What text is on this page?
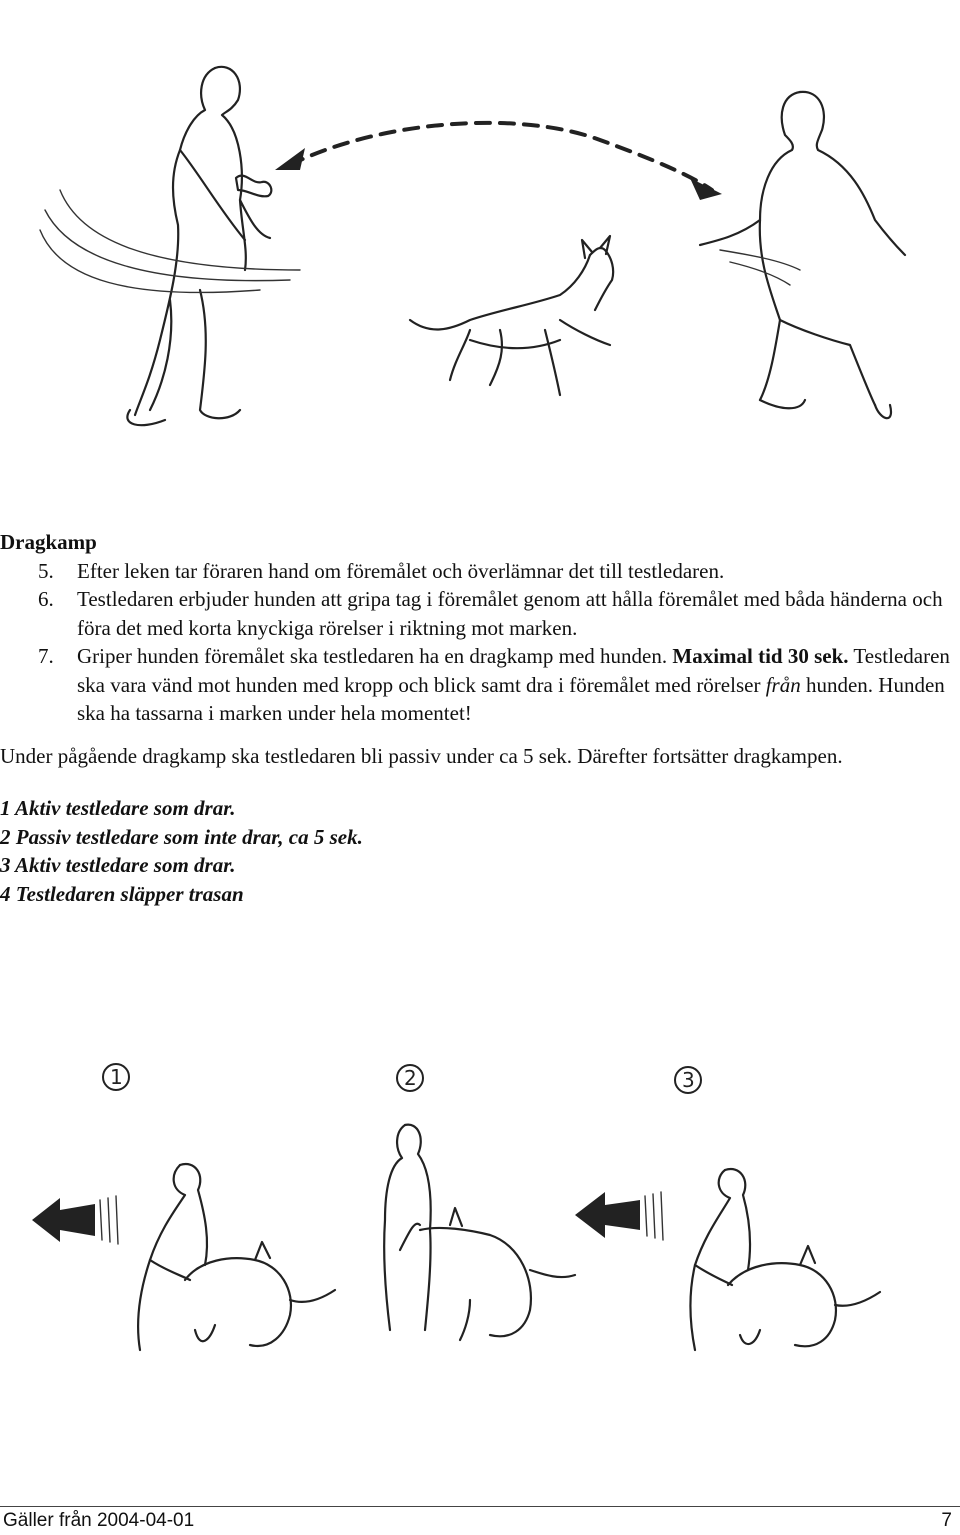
Dragkamp

5. Efter leken tar föraren hand om föremålet och överlämnar det till testledaren.
6. Testledaren erbjuder hunden att gripa tag i föremålet genom att hålla föremålet med båda händerna och föra det med korta knyckiga rörelser i riktning mot marken.
7. Griper hunden föremålet ska testledaren ha en dragkamp med hunden. Maximal tid 30 sek. Testledaren ska vara vänd mot hunden med kropp och blick samt dra i föremålet med rörelser från hunden. Hunden ska ha tassarna i marken under hela momentet!

Under pågående dragkamp ska testledaren bli passiv under ca 5 sek. Därefter fortsätter dragkampen.

1 Aktiv testledare som drar.
2 Passiv testledare som inte drar, ca 5 sek.
3 Aktiv testledare som drar.
4 Testledaren släpper trasan
1	2	3
Gäller från 2004-04-01	7
